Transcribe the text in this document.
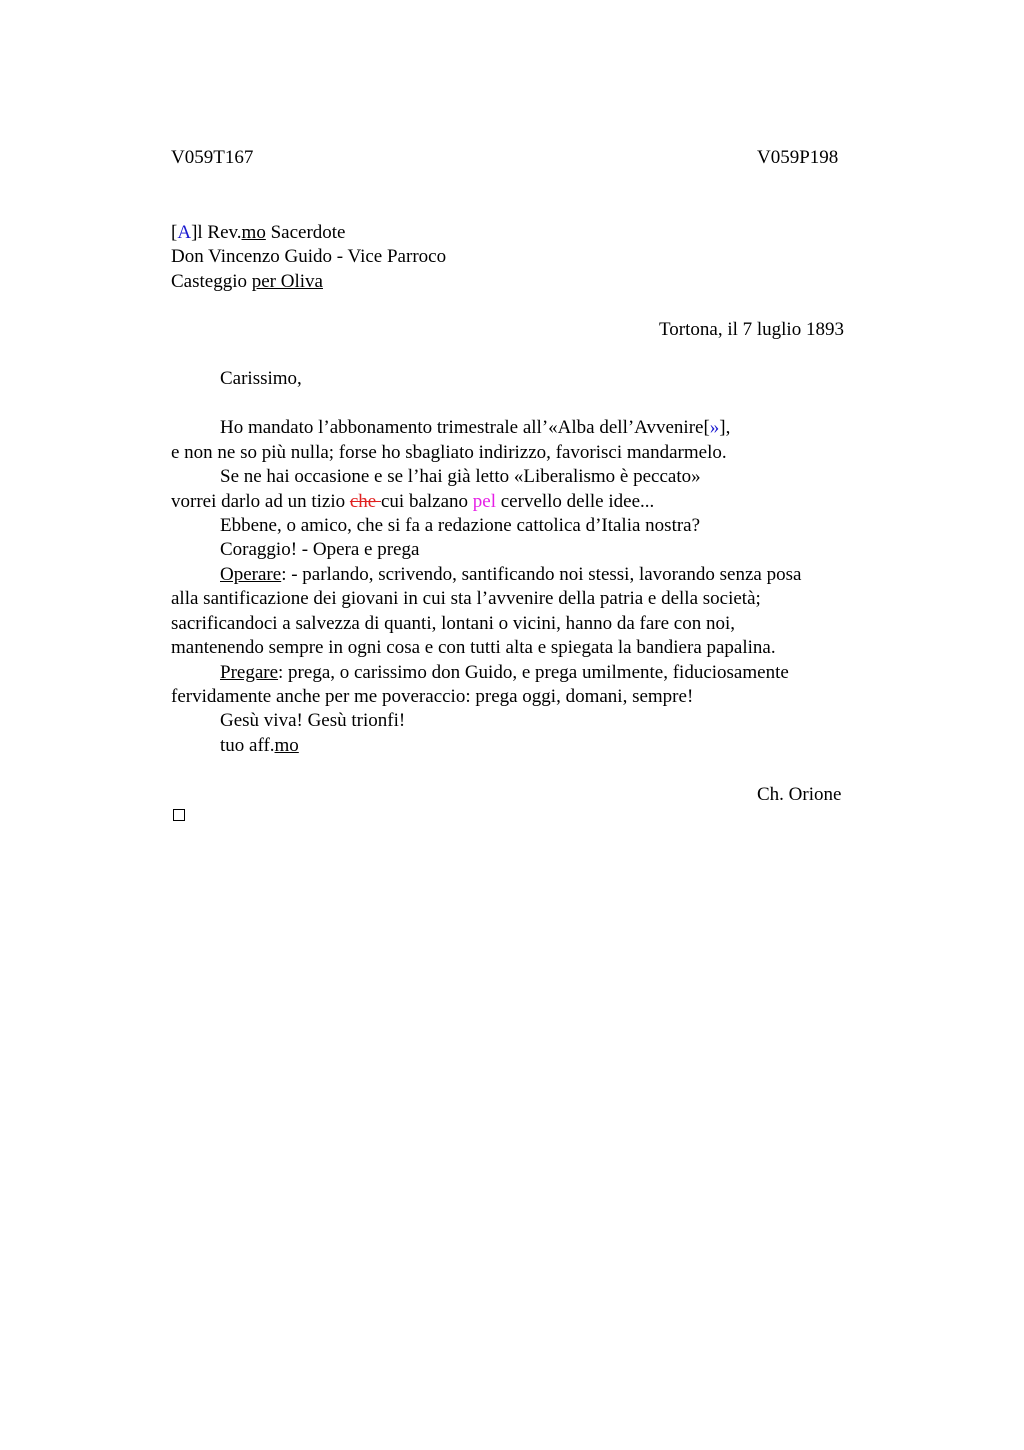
V059T167	V059P198
[A]l Rev.mo Sacerdote
Don Vincenzo Guido - Vice Parroco
Casteggio per Oliva
Tortona, il 7 luglio 1893
Carissimo,
Ho mandato l’abbonamento trimestrale all’«Alba dell’Avvenire[»],
e non ne so più nulla; forse ho sbagliato indirizzo, favorisci mandarmelo.
Se ne hai occasione e se l’hai già letto «Liberalismo è peccato»
vorrei darlo ad un tizio che cui balzano pel cervello delle idee...
Ebbene, o amico, che si fa a redazione cattolica d’Italia nostra?
Coraggio! - Opera e prega
Operare: - parlando, scrivendo, santificando noi stessi, lavorando senza posa
alla santificazione dei giovani in cui sta l’avvenire della patria e della società;
sacrificandoci a salvezza di quanti, lontani o vicini, hanno da fare con noi,
mantenendo sempre in ogni cosa e con tutti alta e spiegata la bandiera papalina.
Pregare: prega, o carissimo don Guido, e prega umilmente, fiduciosamente
fervidamente anche per me poveraccio: prega oggi, domani, sempre!
Gesù viva! Gesù trionfi!
tuo aff.mo
Ch. Orione
